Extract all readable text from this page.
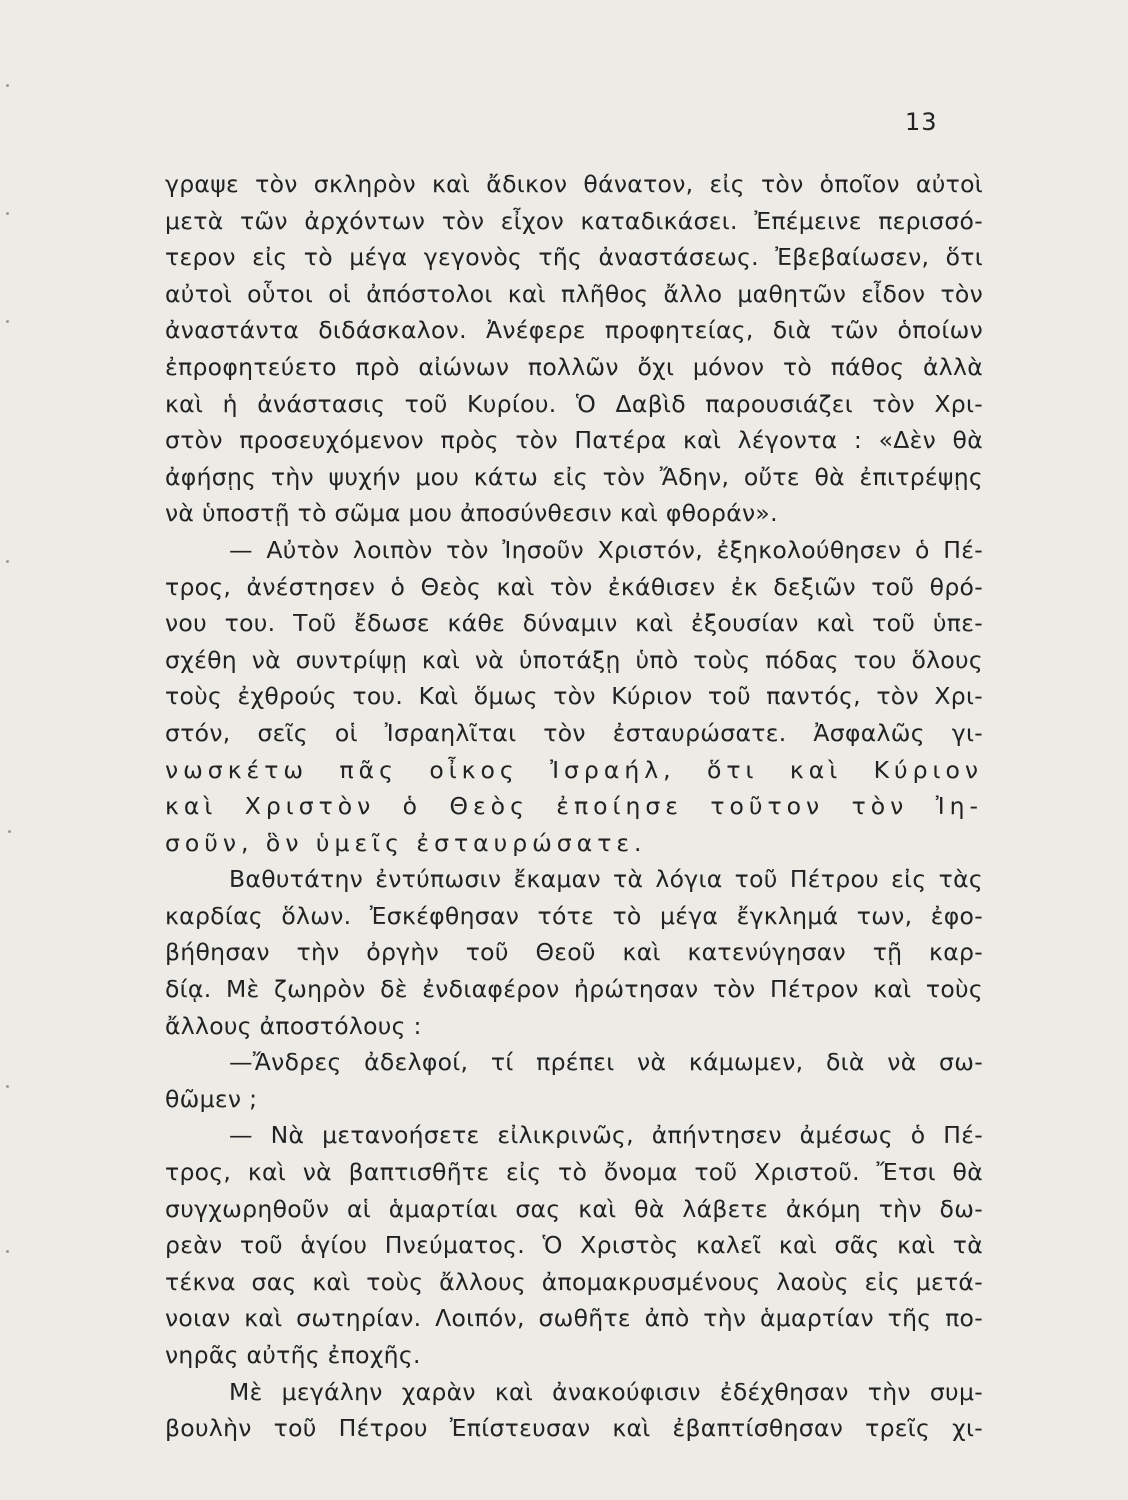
13
γραψε τὸν σκληρὸν καὶ ἄδικον θάνατον, εἰς τὸν ὁποῖον αὐτοὶ
μετὰ τῶν ἀρχόντων τὸν εἶχον καταδικάσει. Ἐπέμεινε περισσό-
τερον εἰς τὸ μέγα γεγονὸς τῆς ἀναστάσεως. Ἐβεβαίωσεν, ὅτι
αὐτοὶ οὗτοι οἱ ἀπόστολοι καὶ πλῆθος ἄλλο μαθητῶν εἶδον τὸν
ἀναστάντα διδάσκαλον. Ἀνέφερε προφητείας, διὰ τῶν ὁποίων
ἐπροφητεύετο πρὸ αἰώνων πολλῶν ὄχι μόνον τὸ πάθος ἀλλὰ
καὶ ἡ ἀνάστασις τοῦ Κυρίου. Ὁ Δαβὶδ παρουσιάζει τὸν Χρι-
στὸν προσευχόμενον πρὸς τὸν Πατέρα καὶ λέγοντα : «Δὲν θὰ
ἀφήσῃς τὴν ψυχήν μου κάτω εἰς τὸν Ἄδην, οὔτε θὰ ἐπιτρέψῃς
νὰ ὑποστῇ τὸ σῶμα μου ἀποσύνθεσιν καὶ φθοράν».
— Αὐτὸν λοιπὸν τὸν Ἰησοῦν Χριστόν, ἐξηκολούθησεν ὁ Πέ-
τρος, ἀνέστησεν ὁ Θεὸς καὶ τὸν ἐκάθισεν ἐκ δεξιῶν τοῦ θρό-
νου του. Τοῦ ἔδωσε κάθε δύναμιν καὶ ἐξουσίαν καὶ τοῦ ὑπε-
σχέθη νὰ συντρίψῃ καὶ νὰ ὑποτάξῃ ὑπὸ τοὺς πόδας του ὅλους
τοὺς ἐχθρούς του. Καὶ ὅμως τὸν Κύριον τοῦ παντός, τὸν Χρι-
στόν, σεῖς οἱ Ἰσραηλῖται τὸν ἐσταυρώσατε. Ἀσφαλῶς γι-
νωσκέτω πᾶς οἶκος Ἰσραήλ, ὅτι καὶ Κύριον
καὶ Χριστὸν ὁ Θεὸς ἐποίησε τοῦτον τὸν Ἰη-
σοῦν, ὃν ὑμεῖς ἐσταυρώσατε.
Βαθυτάτην ἐντύπωσιν ἔκαμαν τὰ λόγια τοῦ Πέτρου εἰς τὰς
καρδίας ὅλων. Ἐσκέφθησαν τότε τὸ μέγα ἔγκλημά των, ἐφο-
βήθησαν τὴν ὀργὴν τοῦ Θεοῦ καὶ κατενύγησαν τῇ καρ-
δίᾳ. Μὲ ζωηρὸν δὲ ἐνδιαφέρον ἠρώτησαν τὸν Πέτρον καὶ τοὺς
ἄλλους ἀποστόλους :
—Ἄνδρες ἀδελφοί, τί πρέπει νὰ κάμωμεν, διὰ νὰ σω-
θῶμεν ;
— Νὰ μετανοήσετε εἰλικρινῶς, ἀπήντησεν ἀμέσως ὁ Πέ-
τρος, καὶ νὰ βαπτισθῆτε εἰς τὸ ὄνομα τοῦ Χριστοῦ. Ἔτσι θὰ
συγχωρηθοῦν αἱ ἁμαρτίαι σας καὶ θὰ λάβετε ἀκόμη τὴν δω-
ρεὰν τοῦ ἁγίου Πνεύματος. Ὁ Χριστὸς καλεῖ καὶ σᾶς καὶ τὰ
τέκνα σας καὶ τοὺς ἄλλους ἀπομακρυσμένους λαοὺς εἰς μετά-
νοιαν καὶ σωτηρίαν. Λοιπόν, σωθῆτε ἀπὸ τὴν ἁμαρτίαν τῆς πο-
νηρᾶς αὐτῆς ἐποχῆς.
Μὲ μεγάλην χαρὰν καὶ ἀνακούφισιν ἐδέχθησαν τὴν συμ-
βουλὴν τοῦ Πέτρου Ἐπίστευσαν καὶ ἐβαπτίσθησαν τρεῖς χι-
